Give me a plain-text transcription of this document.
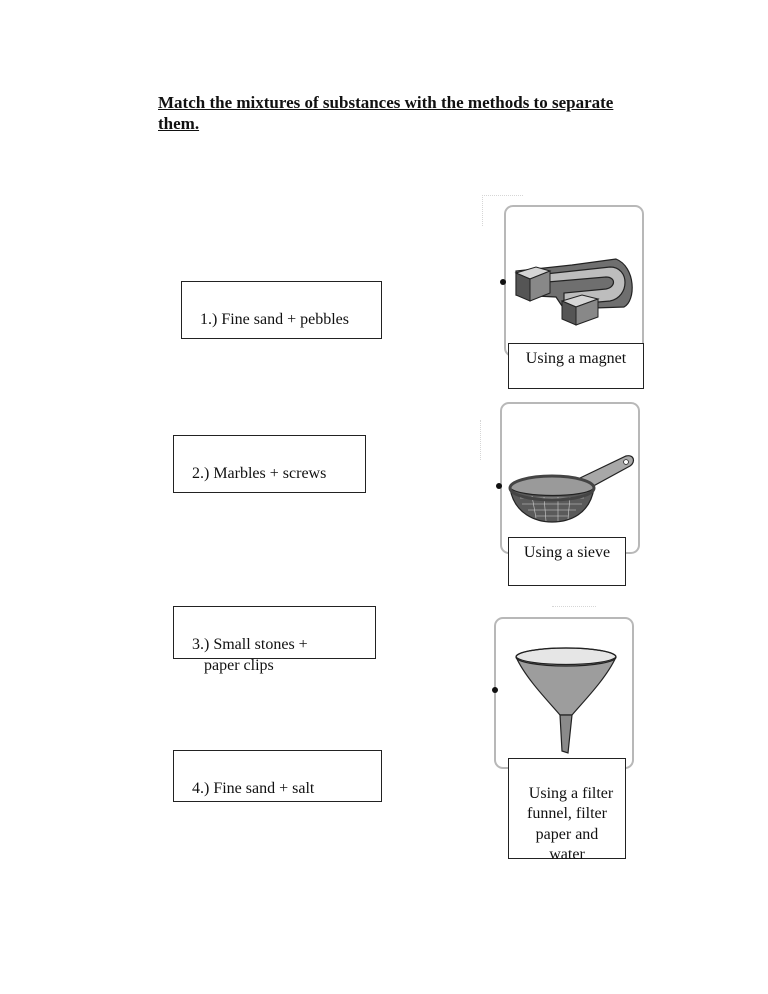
Match the mixtures of substances with the methods to separate them.

1.) Fine sand + pebbles

2.) Marbles + screws

3.) Small stones +
paper clips

4.) Fine sand + salt

Using a magnet
Using a sieve

Using a filter
funnel, filter
paper and
water
